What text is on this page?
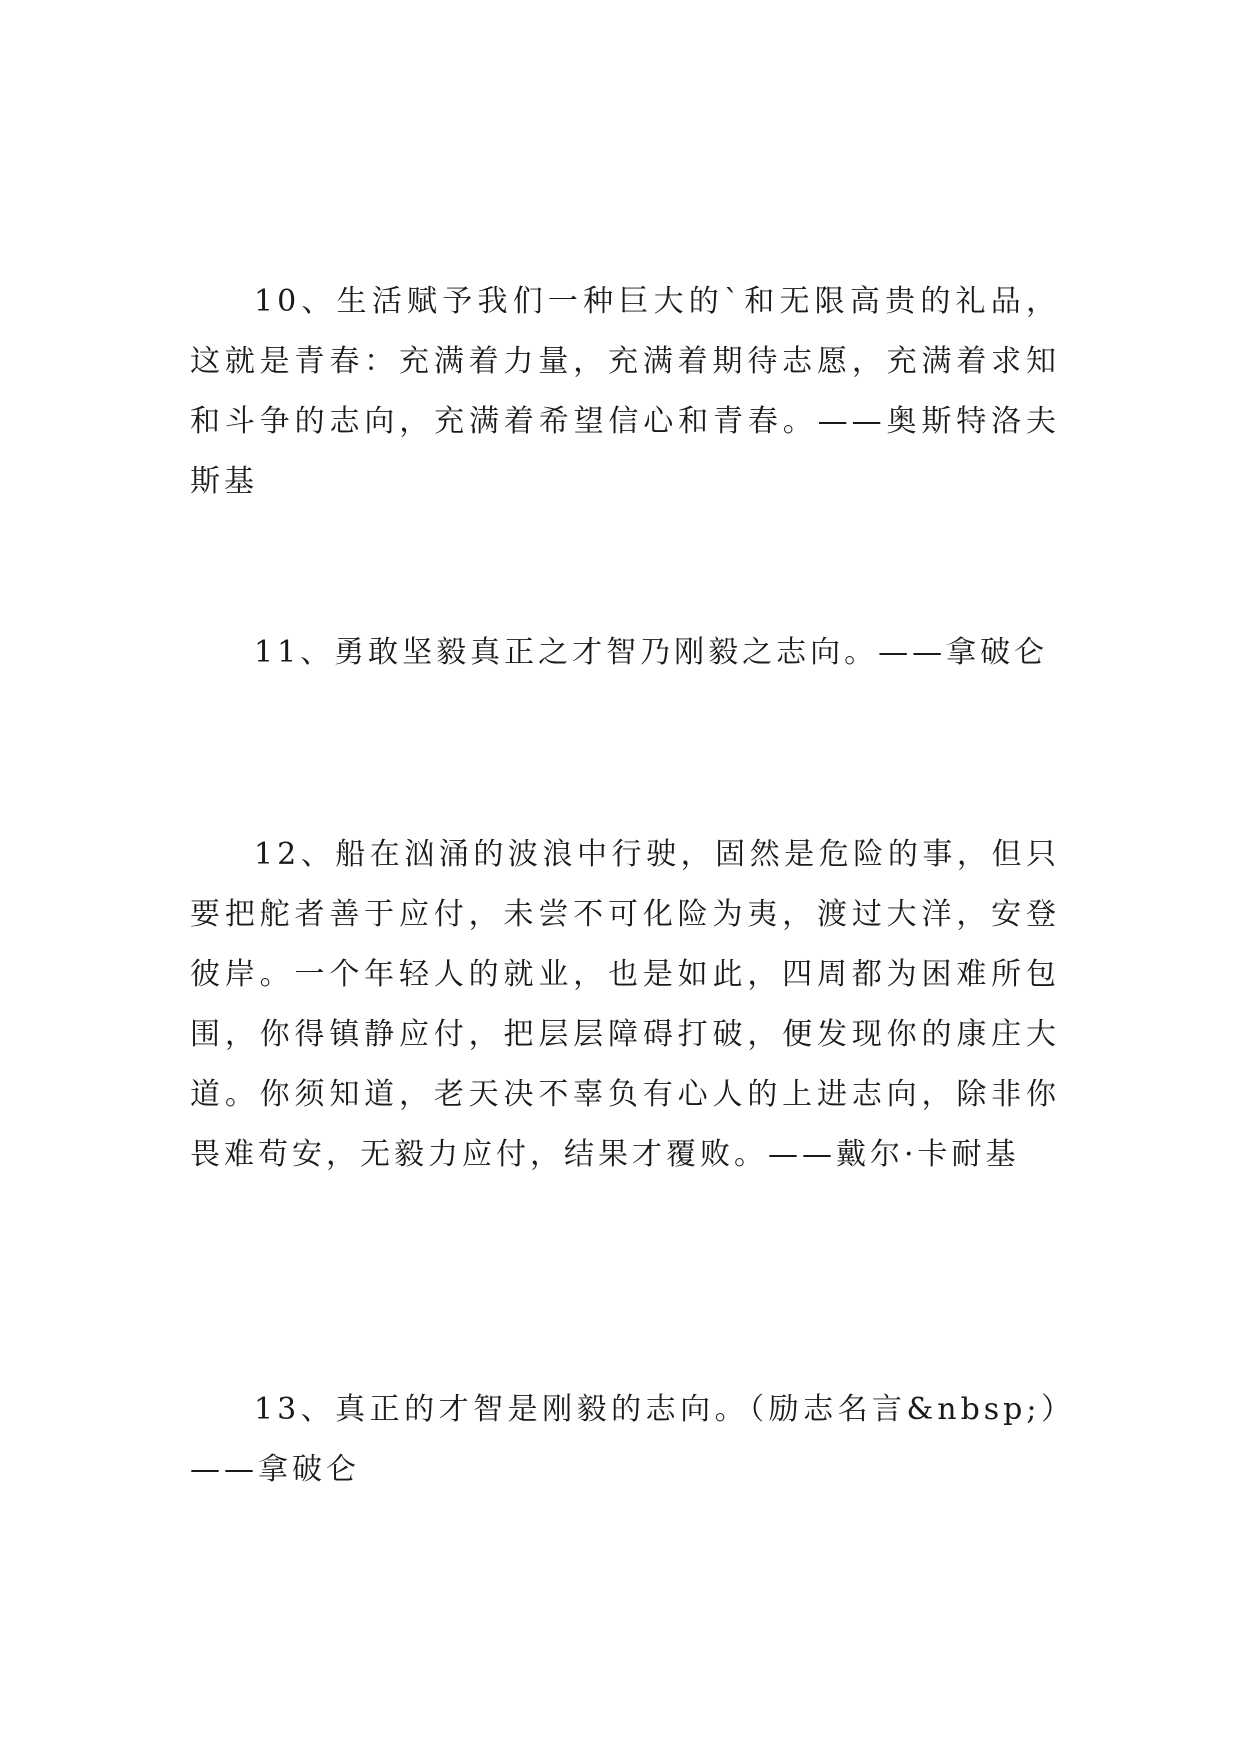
10、生活赋予我们一种巨大的`和无限高贵的礼品，这就是青春：充满着力量，充满着期待志愿，充满着求知和斗争的志向，充满着希望信心和青春。——奥斯特洛夫斯基

11、勇敢坚毅真正之才智乃刚毅之志向。——拿破仑

12、船在汹涌的波浪中行驶，固然是危险的事，但只要把舵者善于应付，未尝不可化险为夷，渡过大洋，安登彼岸。一个年轻人的就业，也是如此，四周都为困难所包围，你得镇静应付，把层层障碍打破，便发现你的康庄大道。你须知道，老天决不辜负有心人的上进志向，除非你畏难苟安，无毅力应付，结果才覆败。——戴尔·卡耐基

13、真正的才智是刚毅的志向。（励志名言&nbsp;）——拿破仑
